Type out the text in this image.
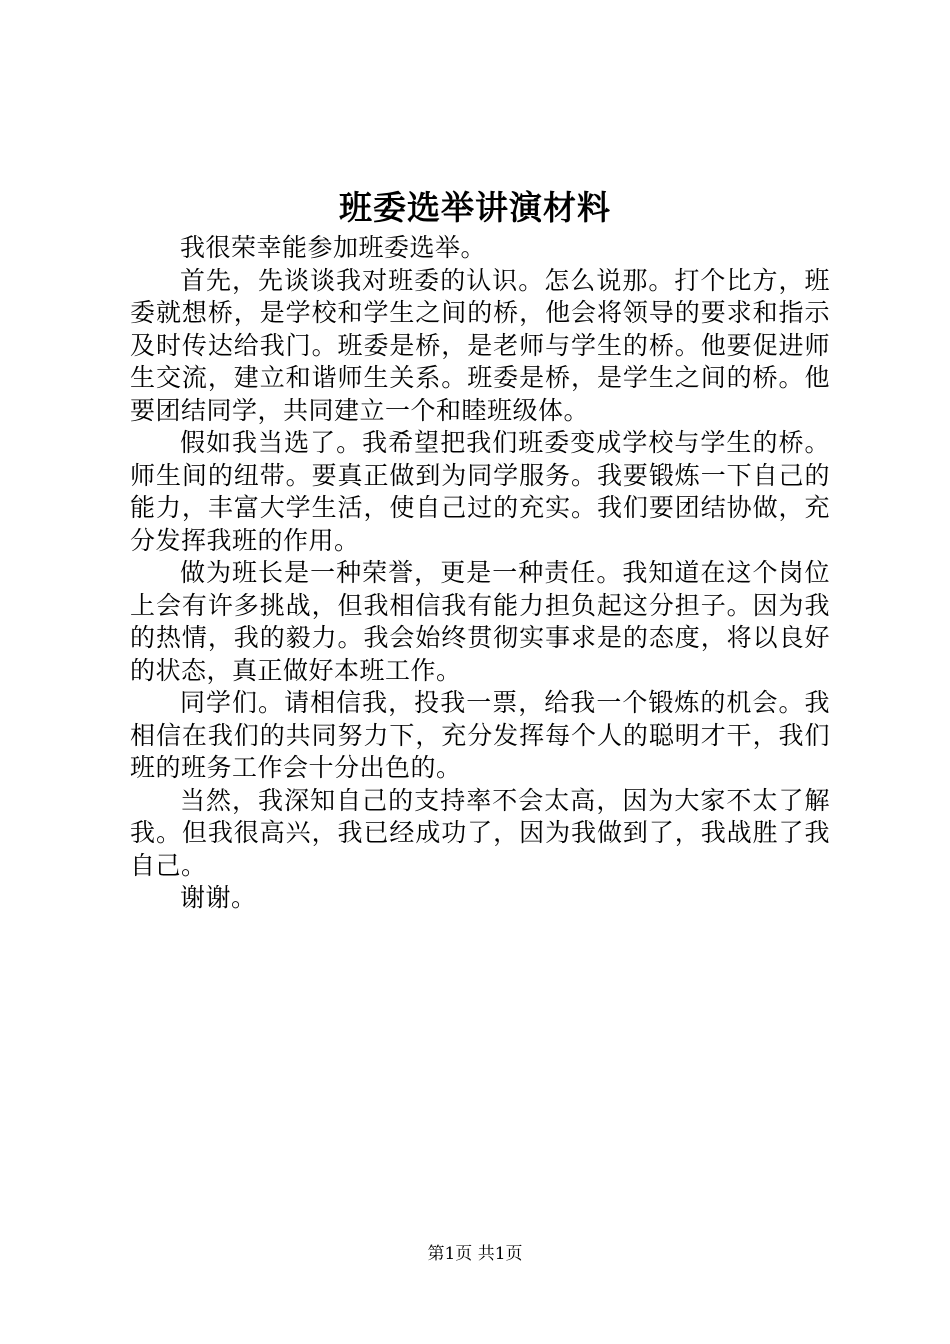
班委选举讲演材料

我很荣幸能参加班委选举。

首先，先谈谈我对班委的认识。怎么说那。打个比方，班委就想桥，是学校和学生之间的桥，他会将领导的要求和指示及时传达给我门。班委是桥，是老师与学生的桥。他要促进师生交流，建立和谐师生关系。班委是桥，是学生之间的桥。他要团结同学，共同建立一个和睦班级体。

假如我当选了。我希望把我们班委变成学校与学生的桥。师生间的纽带。要真正做到为同学服务。我要锻炼一下自己的能力，丰富大学生活，使自己过的充实。我们要团结协做，充分发挥我班的作用。

做为班长是一种荣誉，更是一种责任。我知道在这个岗位上会有许多挑战，但我相信我有能力担负起这分担子。因为我的热情，我的毅力。我会始终贯彻实事求是的态度，将以良好的状态，真正做好本班工作。

同学们。请相信我，投我一票，给我一个锻炼的机会。我相信在我们的共同努力下，充分发挥每个人的聪明才干，我们班的班务工作会十分出色的。

当然，我深知自己的支持率不会太高，因为大家不太了解我。但我很高兴，我已经成功了，因为我做到了，我战胜了我自己。

谢谢。

第1页 共1页
